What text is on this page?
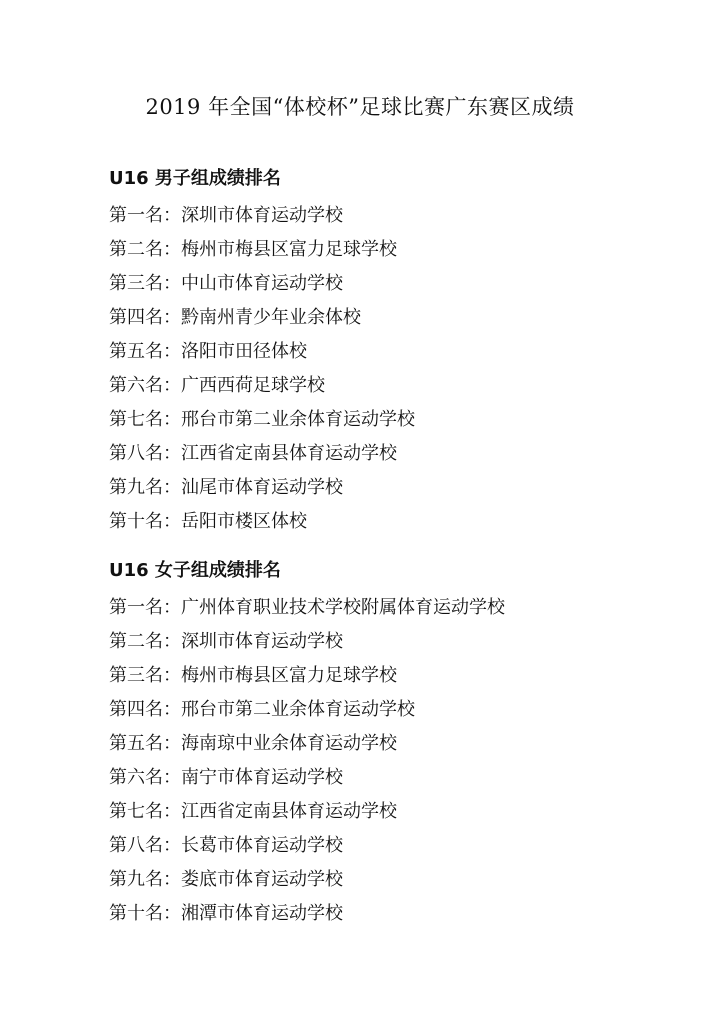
2019 年全国“体校杯”足球比赛广东赛区成绩
U16 男子组成绩排名
第一名：深圳市体育运动学校
第二名：梅州市梅县区富力足球学校
第三名：中山市体育运动学校
第四名：黔南州青少年业余体校
第五名：洛阳市田径体校
第六名：广西西荷足球学校
第七名：邢台市第二业余体育运动学校
第八名：江西省定南县体育运动学校
第九名：汕尾市体育运动学校
第十名：岳阳市楼区体校
U16 女子组成绩排名
第一名：广州体育职业技术学校附属体育运动学校
第二名：深圳市体育运动学校
第三名：梅州市梅县区富力足球学校
第四名：邢台市第二业余体育运动学校
第五名：海南琼中业余体育运动学校
第六名：南宁市体育运动学校
第七名：江西省定南县体育运动学校
第八名：长葛市体育运动学校
第九名：娄底市体育运动学校
第十名：湘潭市体育运动学校
